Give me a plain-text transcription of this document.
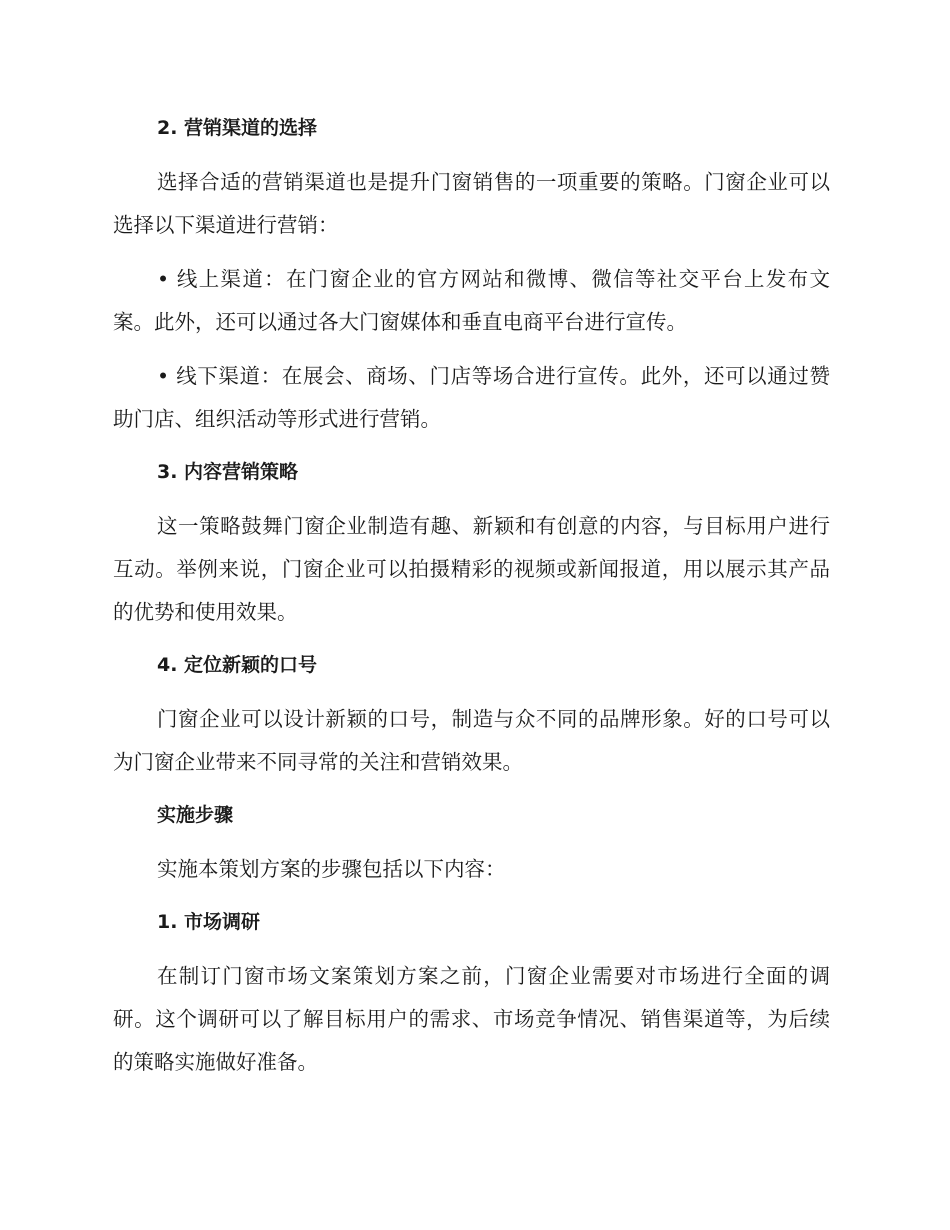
2. 营销渠道的选择

选择合适的营销渠道也是提升门窗销售的一项重要的策略。门窗企业可以选择以下渠道进行营销：

• 线上渠道：在门窗企业的官方网站和微博、微信等社交平台上发布文案。此外，还可以通过各大门窗媒体和垂直电商平台进行宣传。

• 线下渠道：在展会、商场、门店等场合进行宣传。此外，还可以通过赞助门店、组织活动等形式进行营销。

3. 内容营销策略

这一策略鼓舞门窗企业制造有趣、新颖和有创意的内容，与目标用户进行互动。举例来说，门窗企业可以拍摄精彩的视频或新闻报道，用以展示其产品的优势和使用效果。

4. 定位新颖的口号

门窗企业可以设计新颖的口号，制造与众不同的品牌形象。好的口号可以为门窗企业带来不同寻常的关注和营销效果。

实施步骤

实施本策划方案的步骤包括以下内容：

1. 市场调研

在制订门窗市场文案策划方案之前，门窗企业需要对市场进行全面的调研。这个调研可以了解目标用户的需求、市场竞争情况、销售渠道等，为后续的策略实施做好准备。
